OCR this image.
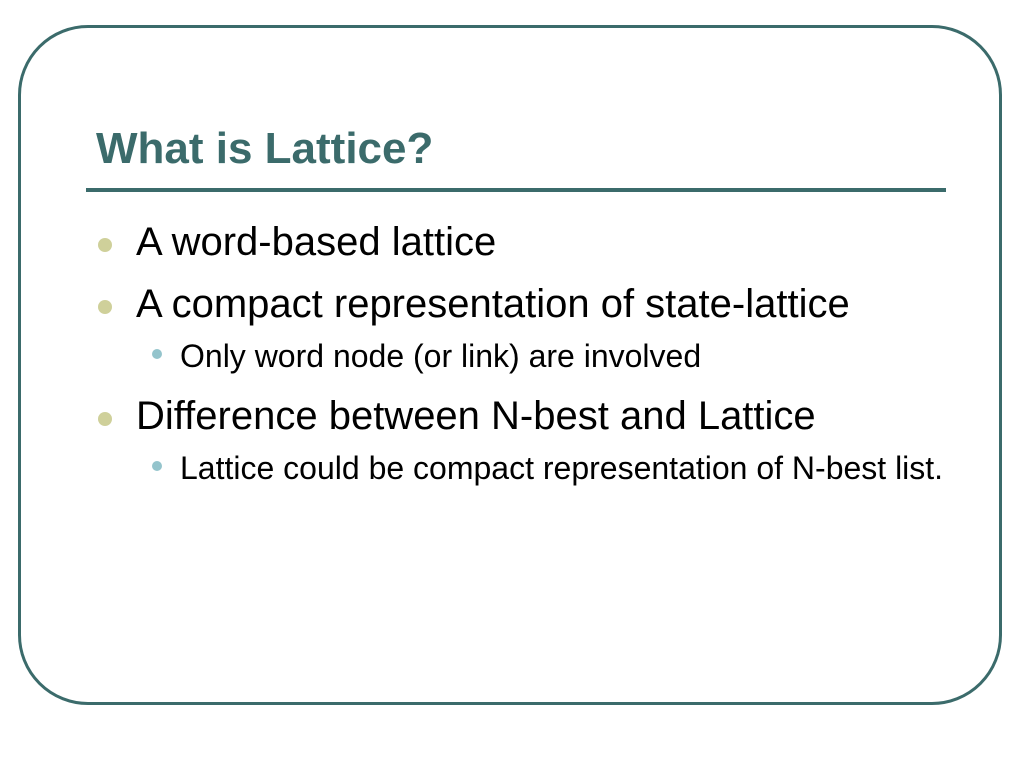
What is Lattice?
A word-based lattice
A compact representation of state-lattice
Only word node (or link) are involved
Difference between N-best and Lattice
Lattice could be compact representation of N-best list.
